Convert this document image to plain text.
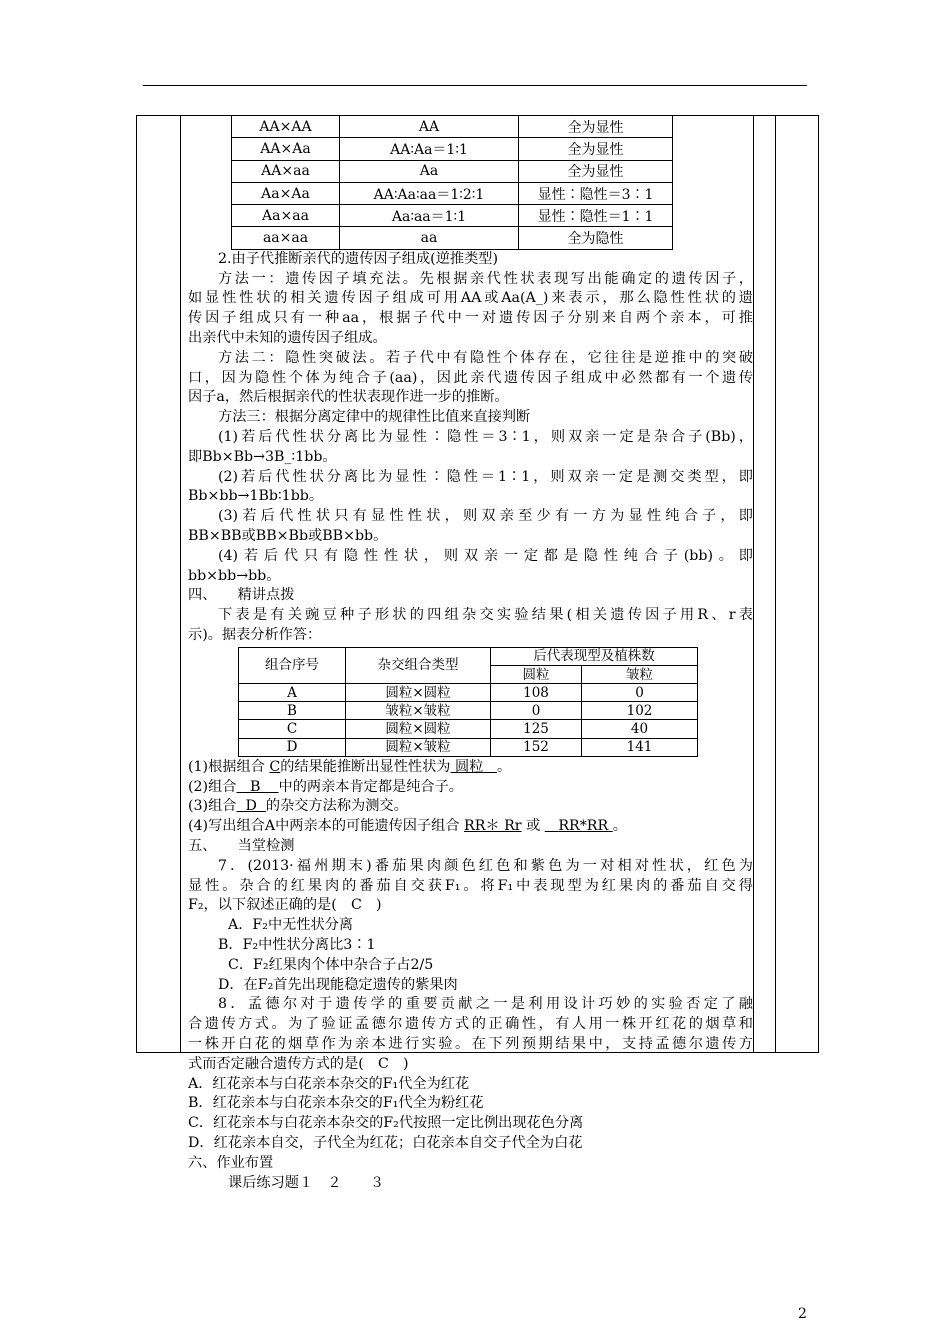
AA×AA	AA	全为显性
AA×Aa	AA∶Aa＝1∶1	全为显性
AA×aa	Aa	全为显性
Aa×Aa	AA∶Aa∶aa＝1∶2∶1	显性∶隐性＝3∶1
Aa×aa	Aa∶aa＝1∶1	显性∶隐性＝1∶1
aa×aa	aa	全为隐性
2.由子代推断亲代的遗传因子组成(逆推类型)
方法一：遗传因子填充法。先根据亲代性状表现写出能确定的遗传因子，
如显性性状的相关遗传因子组成可用AA或Aa(A_)来表示，那么隐性性状的遗
传因子组成只有一种aa，根据子代中一对遗传因子分别来自两个亲本，可推
出亲代中未知的遗传因子组成。
方法二：隐性突破法。若子代中有隐性个体存在，它往往是逆推中的突破
口，因为隐性个体为纯合子(aa)，因此亲代遗传因子组成中必然都有一个遗传
因子a，然后根据亲代的性状表现作进一步的推断。
方法三：根据分离定律中的规律性比值来直接判断
(1)若后代性状分离比为显性∶隐性＝3∶1，则双亲一定是杂合子(Bb)，
即Bb×Bb→3B_∶1bb。
(2)若后代性状分离比为显性∶隐性＝1∶1，则双亲一定是测交类型，即
Bb×bb→1Bb∶1bb。
(3)若后代性状只有显性性状，则双亲至少有一方为显性纯合子，即
BB×BB或BB×Bb或BB×bb。
(4)若后代只有隐性性状，则双亲一定都是隐性纯合子(bb)。即
bb×bb→bb。
四、　　精讲点拨
下表是有关豌豆种子形状的四组杂交实验结果(相关遗传因子用R、r表
示)。据表分析作答：
组合序号	杂交组合类型	后代表现型及植株数	
		圆粒	皱粒
A	圆粒×圆粒	108	0
B	皱粒×皱粒	0	102
C	圆粒×圆粒	125	40
D	圆粒×皱粒	152	141
(1)根据组合 C的结果能推断出显性性状为 圆粒 。
(2)组合 B 中的两亲本肯定都是纯合子。
(3)组合 D 的杂交方法称为测交。
(4)写出组合A中两亲本的可能遗传因子组合 RR＊ Rr 或 RR*RR 。
五、　　当堂检测
7．(2013·福州期末)番茄果肉颜色红色和紫色为一对相对性状，红色为
显性。杂合的红果肉的番茄自交获F₁。将F₁中表现型为红果肉的番茄自交得
F₂，以下叙述正确的是(　C　)
A．F₂中无性状分离
B．F₂中性状分离比3∶1
C．F₂红果肉个体中杂合子占2/5
D．在F₂首先出现能稳定遗传的紫果肉
8．孟德尔对于遗传学的重要贡献之一是利用设计巧妙的实验否定了融
合遗传方式。为了验证孟德尔遗传方式的正确性，有人用一株开红花的烟草和
一株开白花的烟草作为亲本进行实验。在下列预期结果中，支持孟德尔遗传方
式而否定融合遗传方式的是(　C　)
A．红花亲本与白花亲本杂交的F₁代全为红花
B．红花亲本与白花亲本杂交的F₁代全为粉红花
C．红花亲本与白花亲本杂交的F₂代按照一定比例出现花色分离
D．红花亲本自交，子代全为红花；白花亲本自交子代全为白花
六、作业布置
课后练习题１　２　　３
2
